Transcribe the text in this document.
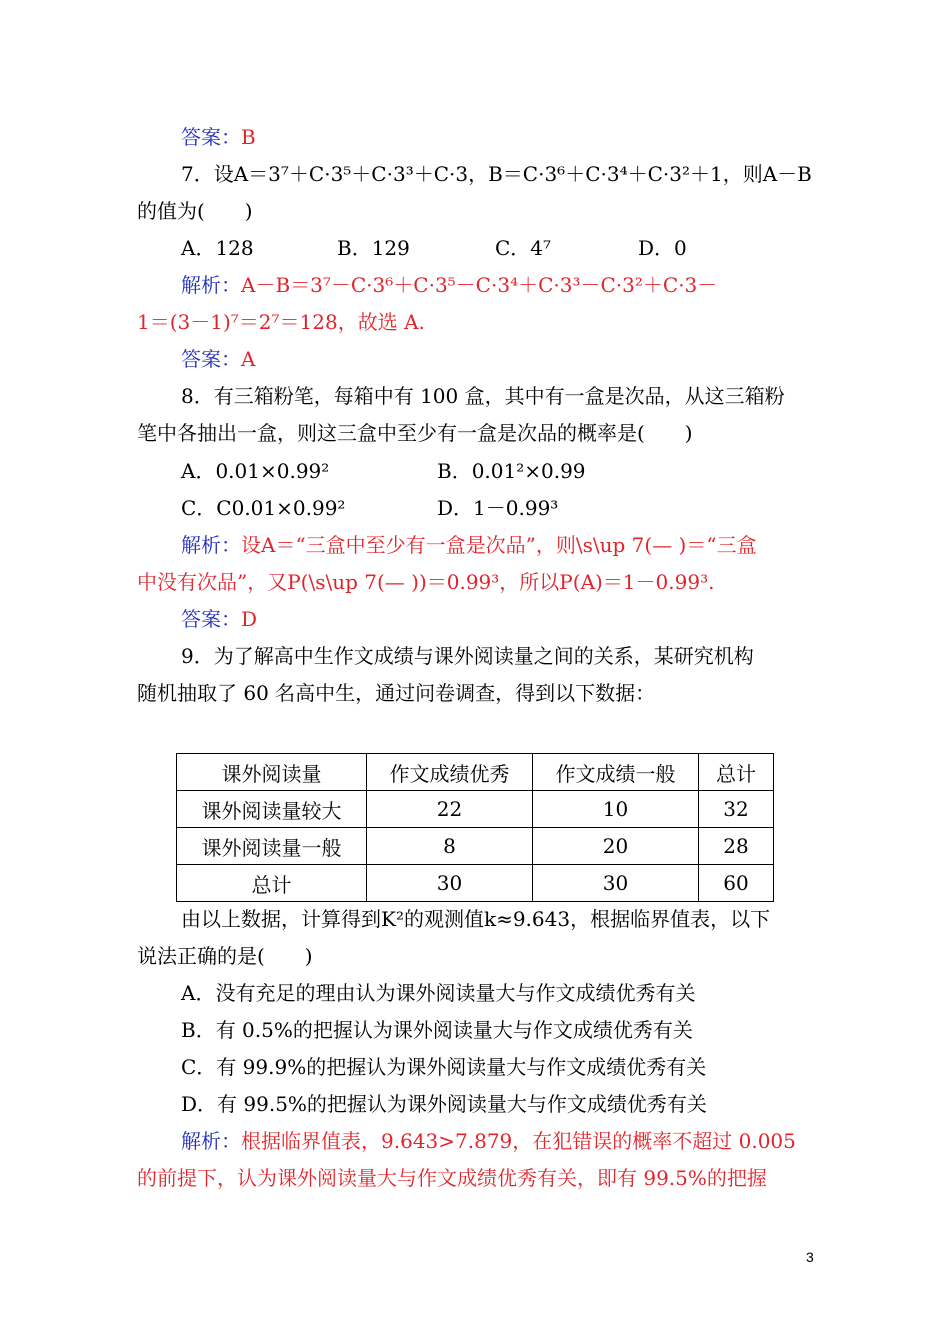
答案：B
7．设A＝3⁷＋C·3⁵＋C·3³＋C·3，B＝C·3⁶＋C·3⁴＋C·3²＋1，则A－B
的值为(　　)
A．128	B．129	C．4⁷	D．0
解析：A－B＝3⁷－C·3⁶＋C·3⁵－C·3⁴＋C·3³－C·3²＋C·3－
1＝(3－1)⁷＝2⁷＝128，故选 A.
答案：A
8．有三箱粉笔，每箱中有 100 盒，其中有一盒是次品，从这三箱粉
笔中各抽出一盒，则这三盒中至少有一盒是次品的概率是(　　)
A．0.01×0.99²	B．0.01²×0.99
C．C0.01×0.99²	D．1－0.99³
解析：设A＝“三盒中至少有一盒是次品”，则\s\up 7(— )＝“三盒
中没有次品”，又P(\s\up 7(— ))＝0.99³，所以P(A)＝1－0.99³.
答案：D
9．为了解高中生作文成绩与课外阅读量之间的关系，某研究机构
随机抽取了 60 名高中生，通过问卷调查，得到以下数据：
课外阅读量	作文成绩优秀	作文成绩一般	总计
课外阅读量较大	22	10	32
课外阅读量一般	8	20	28
总计	30	30	60
由以上数据，计算得到K²的观测值k≈9.643，根据临界值表，以下
说法正确的是(　　)
A．没有充足的理由认为课外阅读量大与作文成绩优秀有关
B．有 0.5%的把握认为课外阅读量大与作文成绩优秀有关
C．有 99.9%的把握认为课外阅读量大与作文成绩优秀有关
D．有 99.5%的把握认为课外阅读量大与作文成绩优秀有关
解析：根据临界值表，9.643>7.879，在犯错误的概率不超过 0.005
的前提下，认为课外阅读量大与作文成绩优秀有关，即有 99.5%的把握
3
